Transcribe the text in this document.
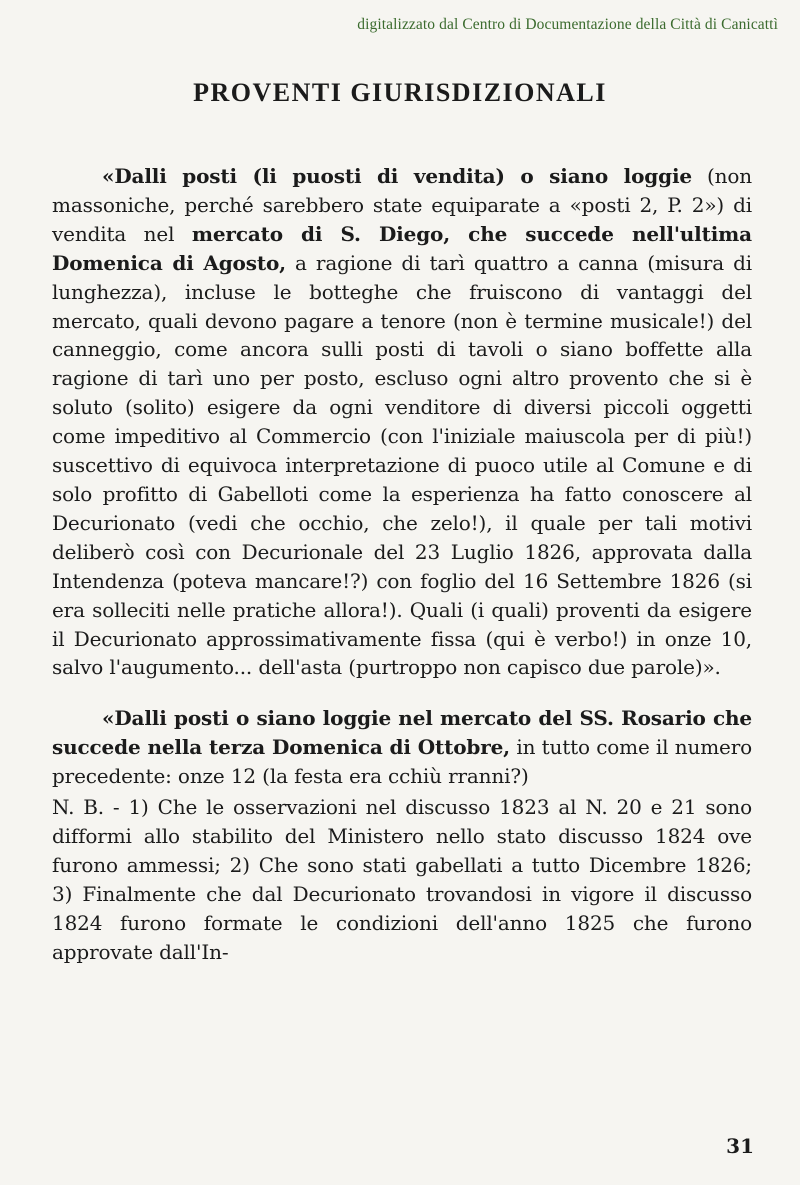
digitalizzato dal Centro di Documentazione della Città di Canicattì
PROVENTI GIURISDIZIONALI

«Dalli posti (li puosti di vendita) o siano loggie (non massoniche, perché sarebbero state equiparate a «posti 2, P. 2») di vendita nel mercato di S. Diego, che succede nell'ultima Domenica di Agosto, a ragione di tarì quattro a canna (misura di lunghezza), incluse le botteghe che fruiscono di vantaggi del mercato, quali devono pagare a tenore (non è termine musicale!) del canneggio, come ancora sulli posti di tavoli o siano boffette alla ragione di tarì uno per posto, escluso ogni altro provento che si è soluto (solito) esigere da ogni venditore di diversi piccoli oggetti come impeditivo al Commercio (con l'iniziale maiuscola per di più!) suscettivo di equivoca interpretazione di puoco utile al Comune e di solo profitto di Gabelloti come la esperienza ha fatto conoscere al Decurionato (vedi che occhio, che zelo!), il quale per tali motivi deliberò così con Decurionale del 23 Luglio 1826, approvata dalla Intendenza (poteva mancare!?) con foglio del 16 Settembre 1826 (si era solleciti nelle pratiche allora!). Quali (i quali) proventi da esigere il Decurionato approssimativamente fissa (qui è verbo!) in onze 10, salvo l'augumento... dell'asta (purtroppo non capisco due parole)».

«Dalli posti o siano loggie nel mercato del SS. Rosario che succede nella terza Domenica di Ottobre, in tutto come il numero precedente: onze 12 (la festa era cchiù rranni?)

N. B. - 1) Che le osservazioni nel discusso 1823 al N. 20 e 21 sono difformi allo stabilito del Ministero nello stato discusso 1824 ove furono ammessi; 2) Che sono stati gabellati a tutto Dicembre 1826; 3) Finalmente che dal Decurionato trovandosi in vigore il discusso 1824 furono formate le condizioni dell'anno 1825 che furono approvate dall'In-

31
